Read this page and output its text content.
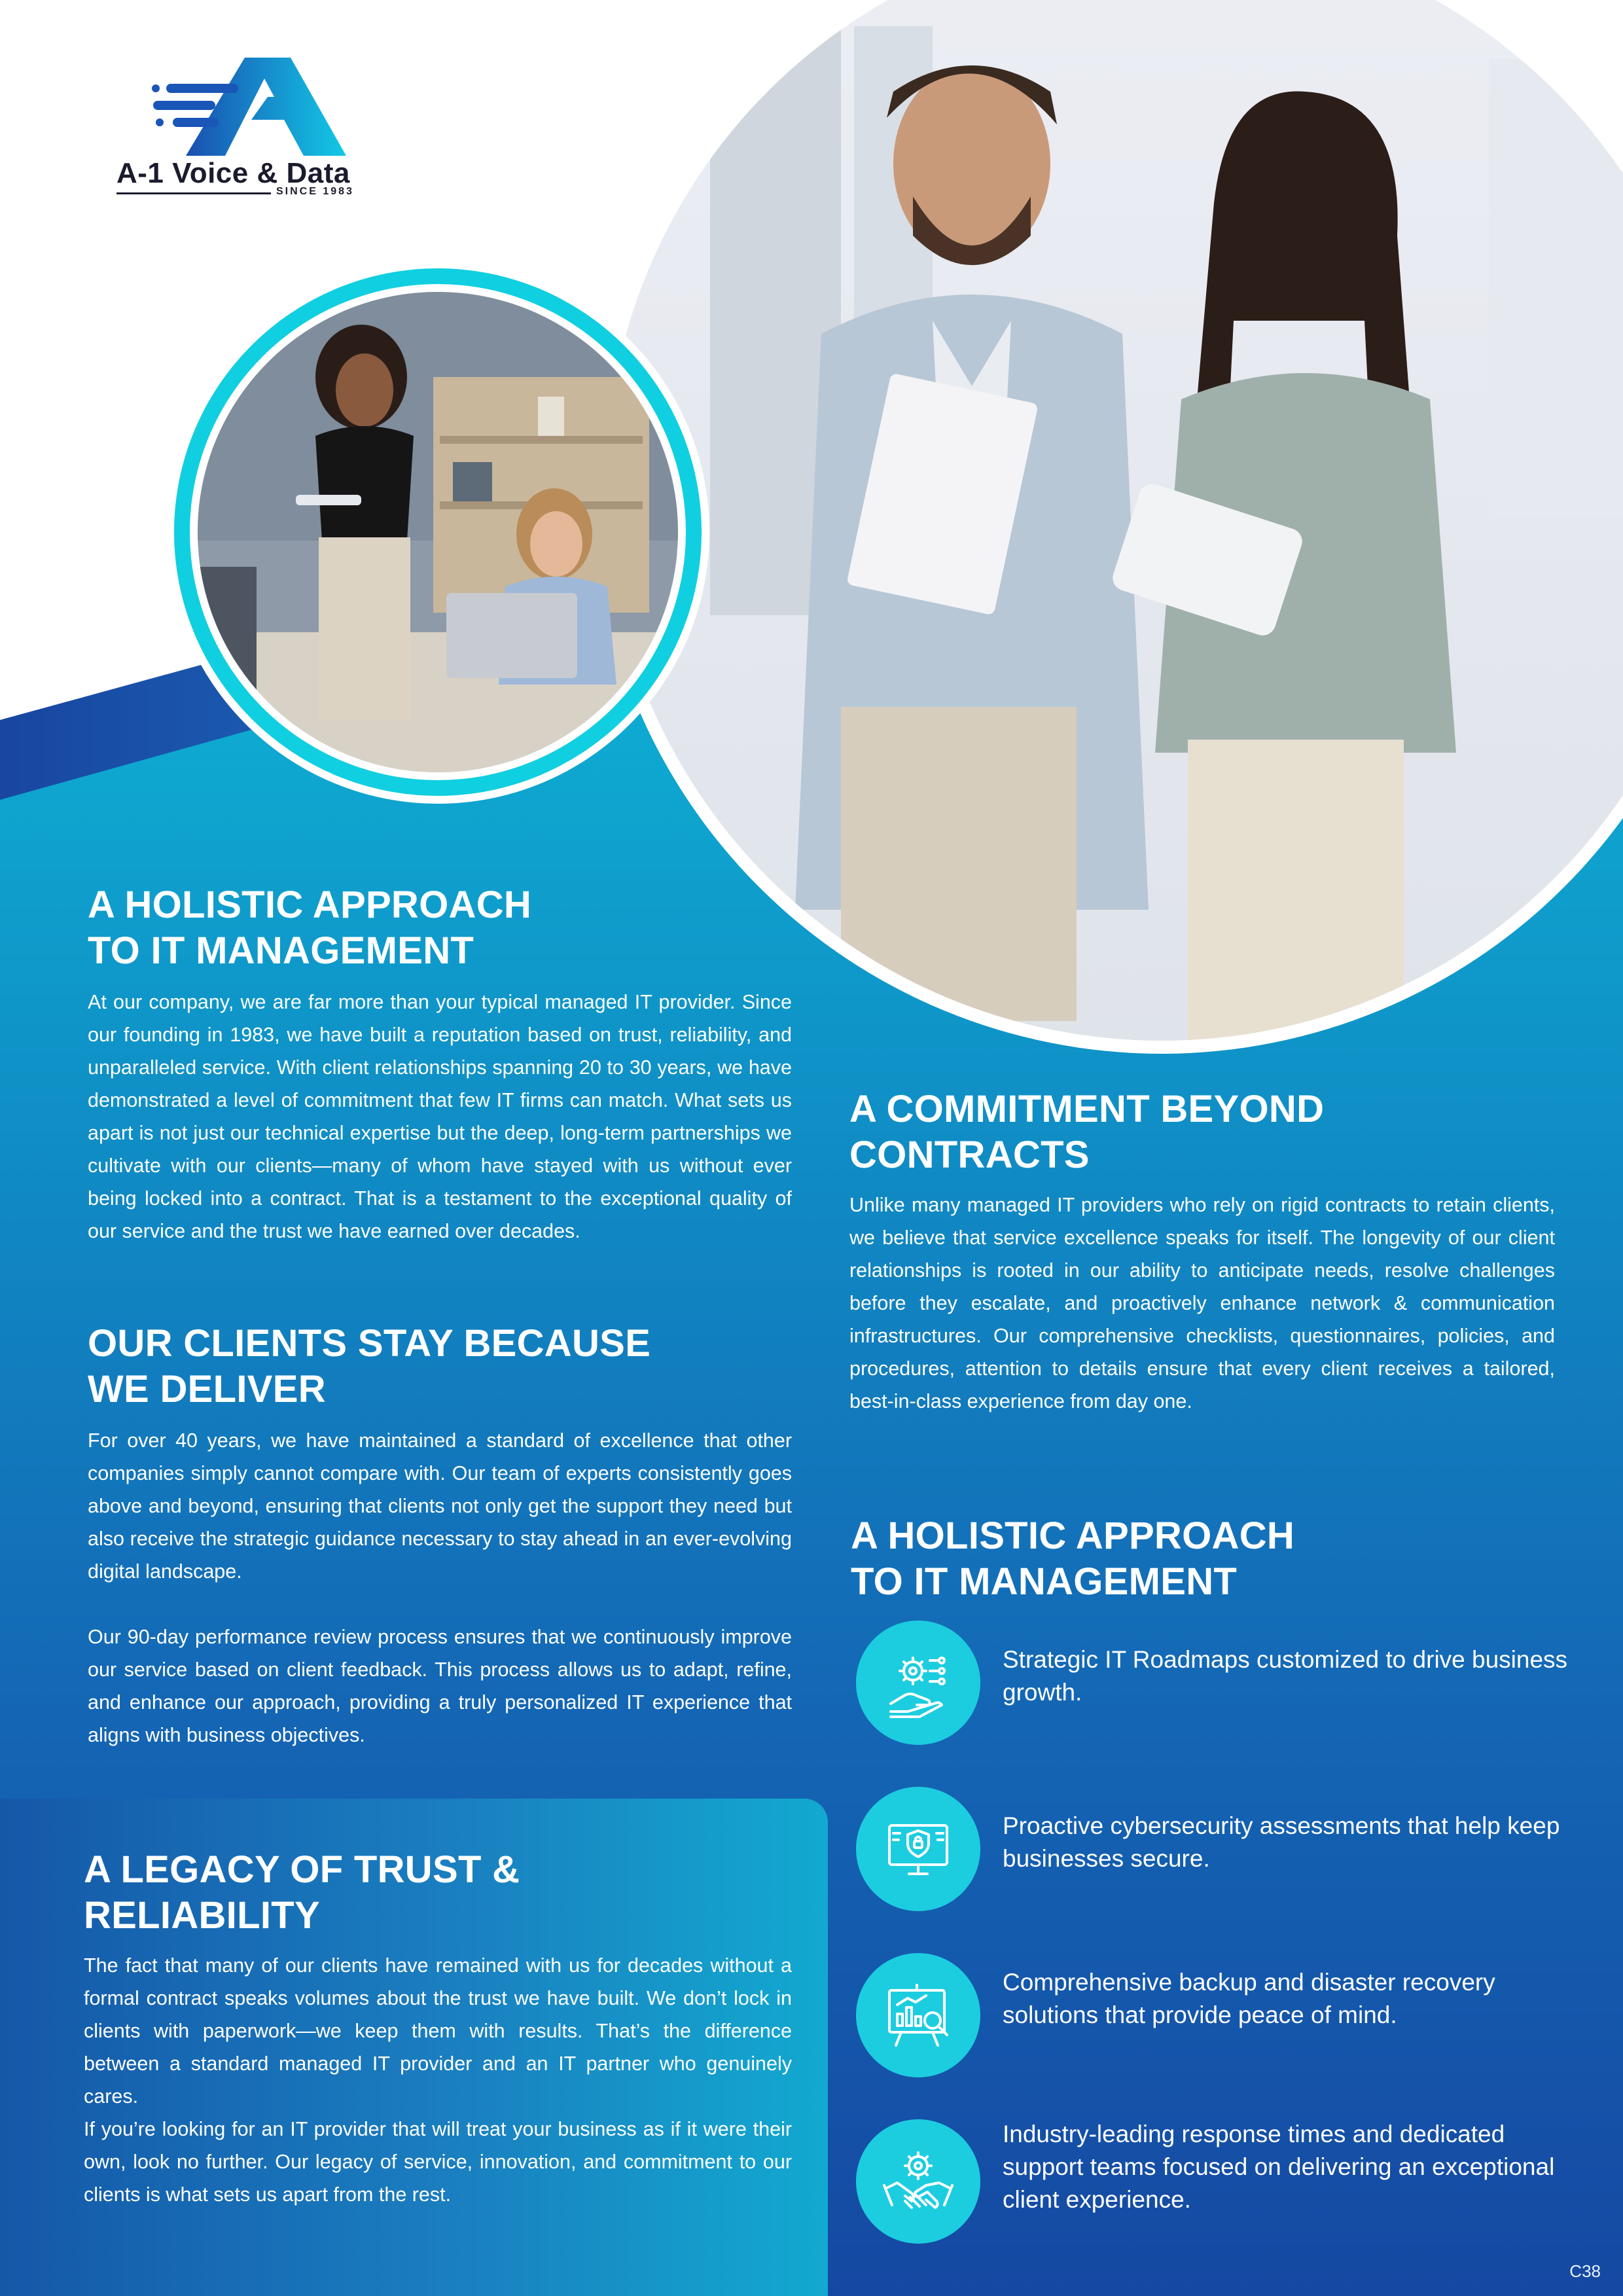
A-1 Voice & Data
SINCE 1983
A HOLISTIC APPROACH
TO IT MANAGEMENT

At our company, we are far more than your typical managed IT provider. Since our founding in 1983, we have built a reputation based on trust, reliability, and unparalleled service. With client relationships spanning 20 to 30 years, we have demonstrated a level of commitment that few IT firms can match. What sets us apart is not just our technical expertise but the deep, long-term partnerships we cultivate with our clients—many of whom have stayed with us without ever being locked into a contract. That is a testament to the exceptional quality of our service and the trust we have earned over decades.

OUR CLIENTS STAY BECAUSE
WE DELIVER

For over 40 years, we have maintained a standard of excellence that other companies simply cannot compare with. Our team of experts consistently goes above and beyond, ensuring that clients not only get the support they need but also receive the strategic guidance necessary to stay ahead in an ever-evolving digital landscape.

Our 90-day performance review process ensures that we continuously improve our service based on client feedback. This process allows us to adapt, refine, and enhance our approach, providing a truly personalized IT experience that aligns with business objectives.

A LEGACY OF TRUST &
RELIABILITY

The fact that many of our clients have remained with us for decades without a formal contract speaks volumes about the trust we have built. We don’t lock in clients with paperwork—we keep them with results. That’s the difference between a standard managed IT provider and an IT partner who genuinely cares.

If you’re looking for an IT provider that will treat your business as if it were their own, look no further. Our legacy of service, innovation, and commitment to our clients is what sets us apart from the rest.

A COMMITMENT BEYOND
CONTRACTS

Unlike many managed IT providers who rely on rigid contracts to retain clients, we believe that service excellence speaks for itself. The longevity of our client relationships is rooted in our ability to anticipate needs, resolve challenges before they escalate, and proactively enhance network & communication infrastructures. Our comprehensive checklists, questionnaires, policies, and procedures, attention to details ensure that every client receives a tailored, best-in-class experience from day one.

A HOLISTIC APPROACH
TO IT MANAGEMENT
Strategic IT Roadmaps customized to drive business growth.
Proactive cybersecurity assessments that help keep businesses secure.
Comprehensive backup and disaster recovery solutions that provide peace of mind.
Industry-leading response times and dedicated support teams focused on delivering an exceptional client experience.
C38
